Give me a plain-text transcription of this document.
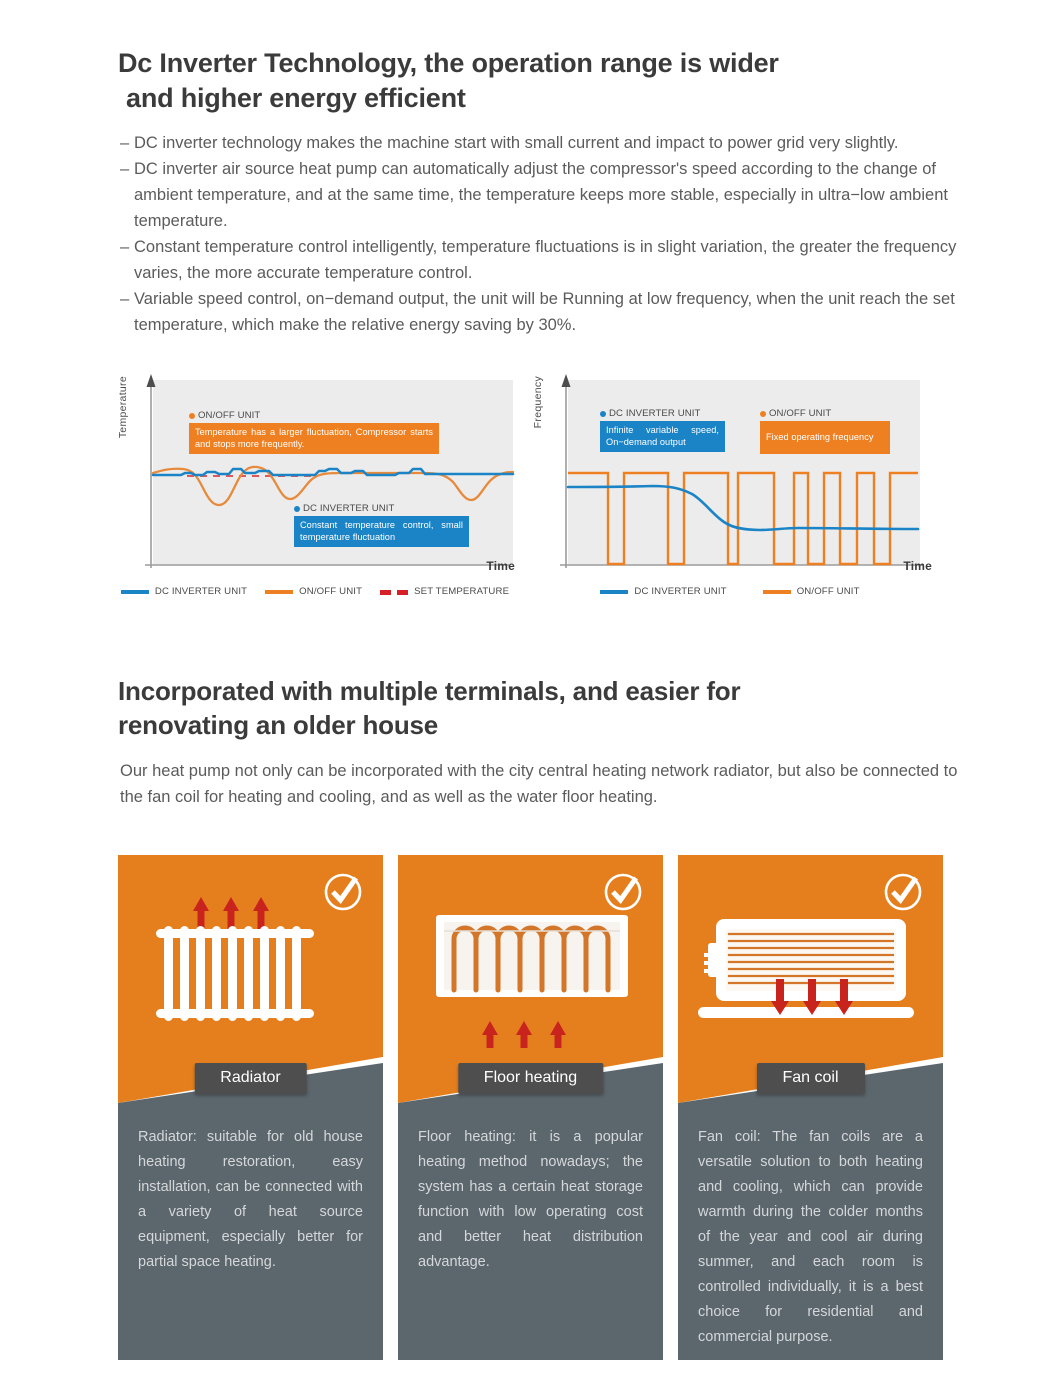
Dc Inverter Technology, the operation range is wider
and higher energy efficient
– DC inverter technology makes the machine start with small current and impact to power grid very slightly.
– DC inverter air source heat pump can automatically adjust the compressor's speed according to the change of ambient temperature, and at the same time, the temperature keeps more stable, especially in ultra−low ambient temperature.
– Constant temperature control intelligently, temperature fluctuations is in slight variation, the greater the frequency varies, the more accurate temperature control.
– Variable speed control, on−demand output, the unit will be Running at low frequency, when the unit reach the set temperature, which make the relative energy saving by 30%.
Temperature	ON/OFF UNIT
Temperature has a larger fluctuation, Compressor starts and stops more frequently.
DC INVERTER UNIT
Constant temperature control, small temperature fluctuation
Time
DC INVERTER UNIT	ON/OFF UNIT	SET TEMPERATURE
Frequency	DC INVERTER UNIT
Infinite variable speed, On−demand output
ON/OFF UNIT
Fixed operating frequency
Time
DC INVERTER UNIT	ON/OFF UNIT
Incorporated with multiple terminals, and easier for
renovating an older house
Our heat pump not only can be incorporated with the city central heating network radiator, but also be connected to the fan coil for heating and cooling, and as well as the water floor heating.
Radiator

Radiator: suitable for old house heating restoration, easy installation, can be connected with a variety of heat source equipment, especially better for partial space heating.

Floor heating

Floor heating: it is a popular heating method nowadays; the system has a certain heat storage function with low operating cost and better heat distribution advantage.

Fan coil

Fan coil: The fan coils are a versatile solution to both heating and cooling, which can provide warmth during the colder months of the year and cool air during summer, and each room is controlled individually, it is a best choice for residential and commercial purpose.
